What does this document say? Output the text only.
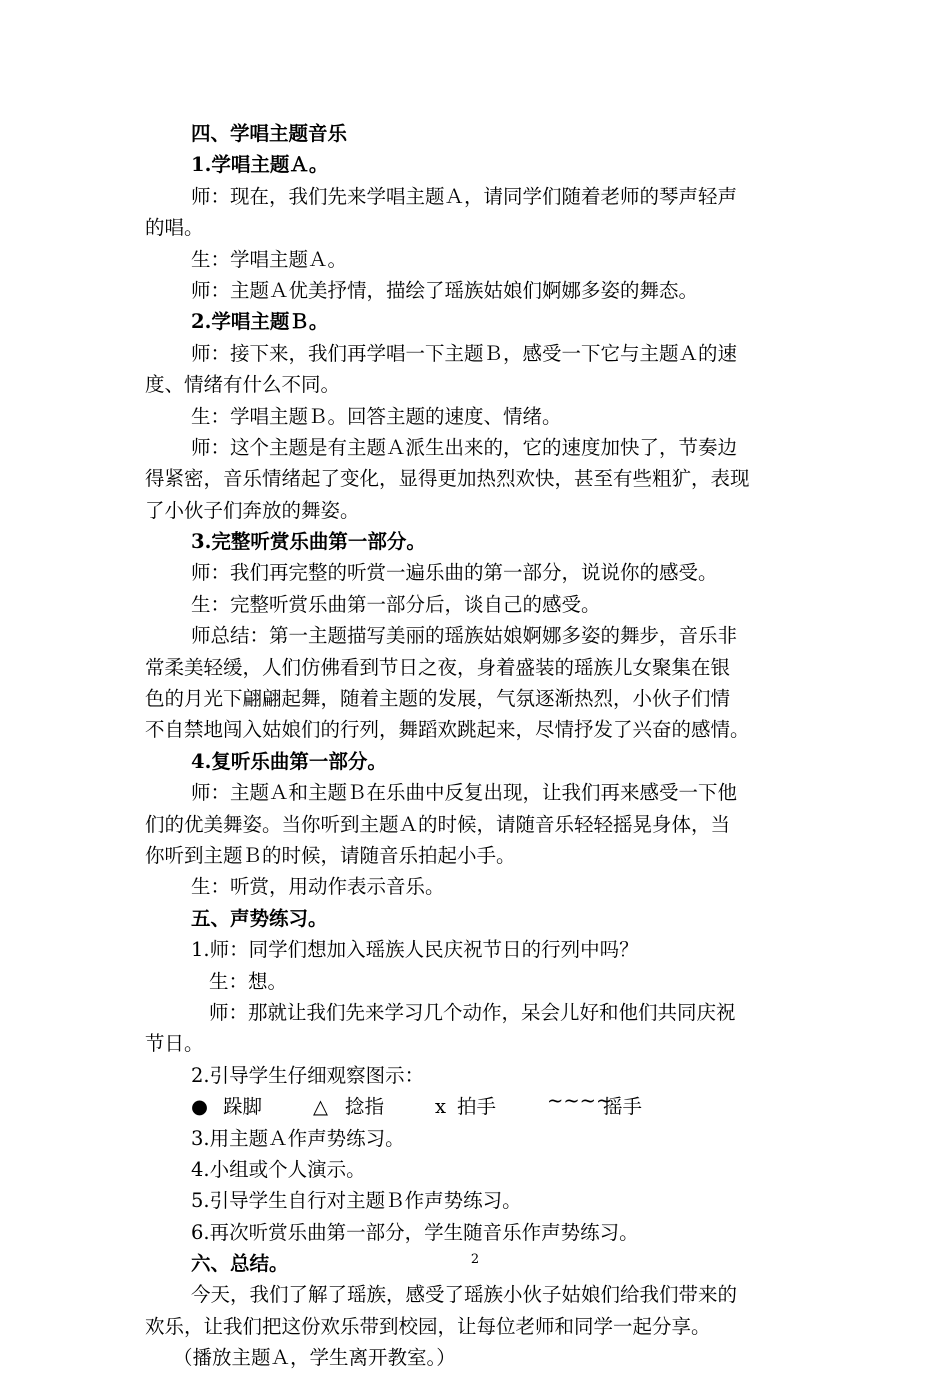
四、学唱主题音乐
1.学唱主题Ａ。
师：现在，我们先来学唱主题Ａ，请同学们随着老师的琴声轻声
的唱。
生：学唱主题Ａ。
师：主题Ａ优美抒情，描绘了瑶族姑娘们婀娜多姿的舞态。
2.学唱主题Ｂ。
师：接下来，我们再学唱一下主题Ｂ，感受一下它与主题Ａ的速
度、情绪有什么不同。
生：学唱主题Ｂ。回答主题的速度、情绪。
师：这个主题是有主题Ａ派生出来的，它的速度加快了，节奏边
得紧密，音乐情绪起了变化，显得更加热烈欢快，甚至有些粗犷，表现
了小伙子们奔放的舞姿。
3.完整听赏乐曲第一部分。
师：我们再完整的听赏一遍乐曲的第一部分，说说你的感受。
生：完整听赏乐曲第一部分后，谈自己的感受。
师总结：第一主题描写美丽的瑶族姑娘婀娜多姿的舞步，音乐非
常柔美轻缓，人们仿佛看到节日之夜，身着盛装的瑶族儿女聚集在银
色的月光下翩翩起舞，随着主题的发展，气氛逐渐热烈，小伙子们情
不自禁地闯入姑娘们的行列，舞蹈欢跳起来，尽情抒发了兴奋的感情。
4.复听乐曲第一部分。
师：主题Ａ和主题Ｂ在乐曲中反复出现，让我们再来感受一下他
们的优美舞姿。当你听到主题Ａ的时候，请随音乐轻轻摇晃身体，当
你听到主题Ｂ的时候，请随音乐拍起小手。
生：听赏，用动作表示音乐。
五、声势练习。
1.师：同学们想加入瑶族人民庆祝节日的行列中吗？
生：想。
师：那就让我们先来学习几个动作，呆会儿好和他们共同庆祝
节日。
2.引导学生仔细观察图示：
● 跺脚	△ 捻指	x 拍手	~~~~
摇手
3.用主题Ａ作声势练习。
4.小组或个人演示。
5.引导学生自行对主题Ｂ作声势练习。
6.再次听赏乐曲第一部分，学生随音乐作声势练习。
六、总结。
今天，我们了解了瑶族，感受了瑶族小伙子姑娘们给我们带来的
欢乐，让我们把这份欢乐带到校园，让每位老师和同学一起分享。
（播放主题Ａ，学生离开教室。）
2
